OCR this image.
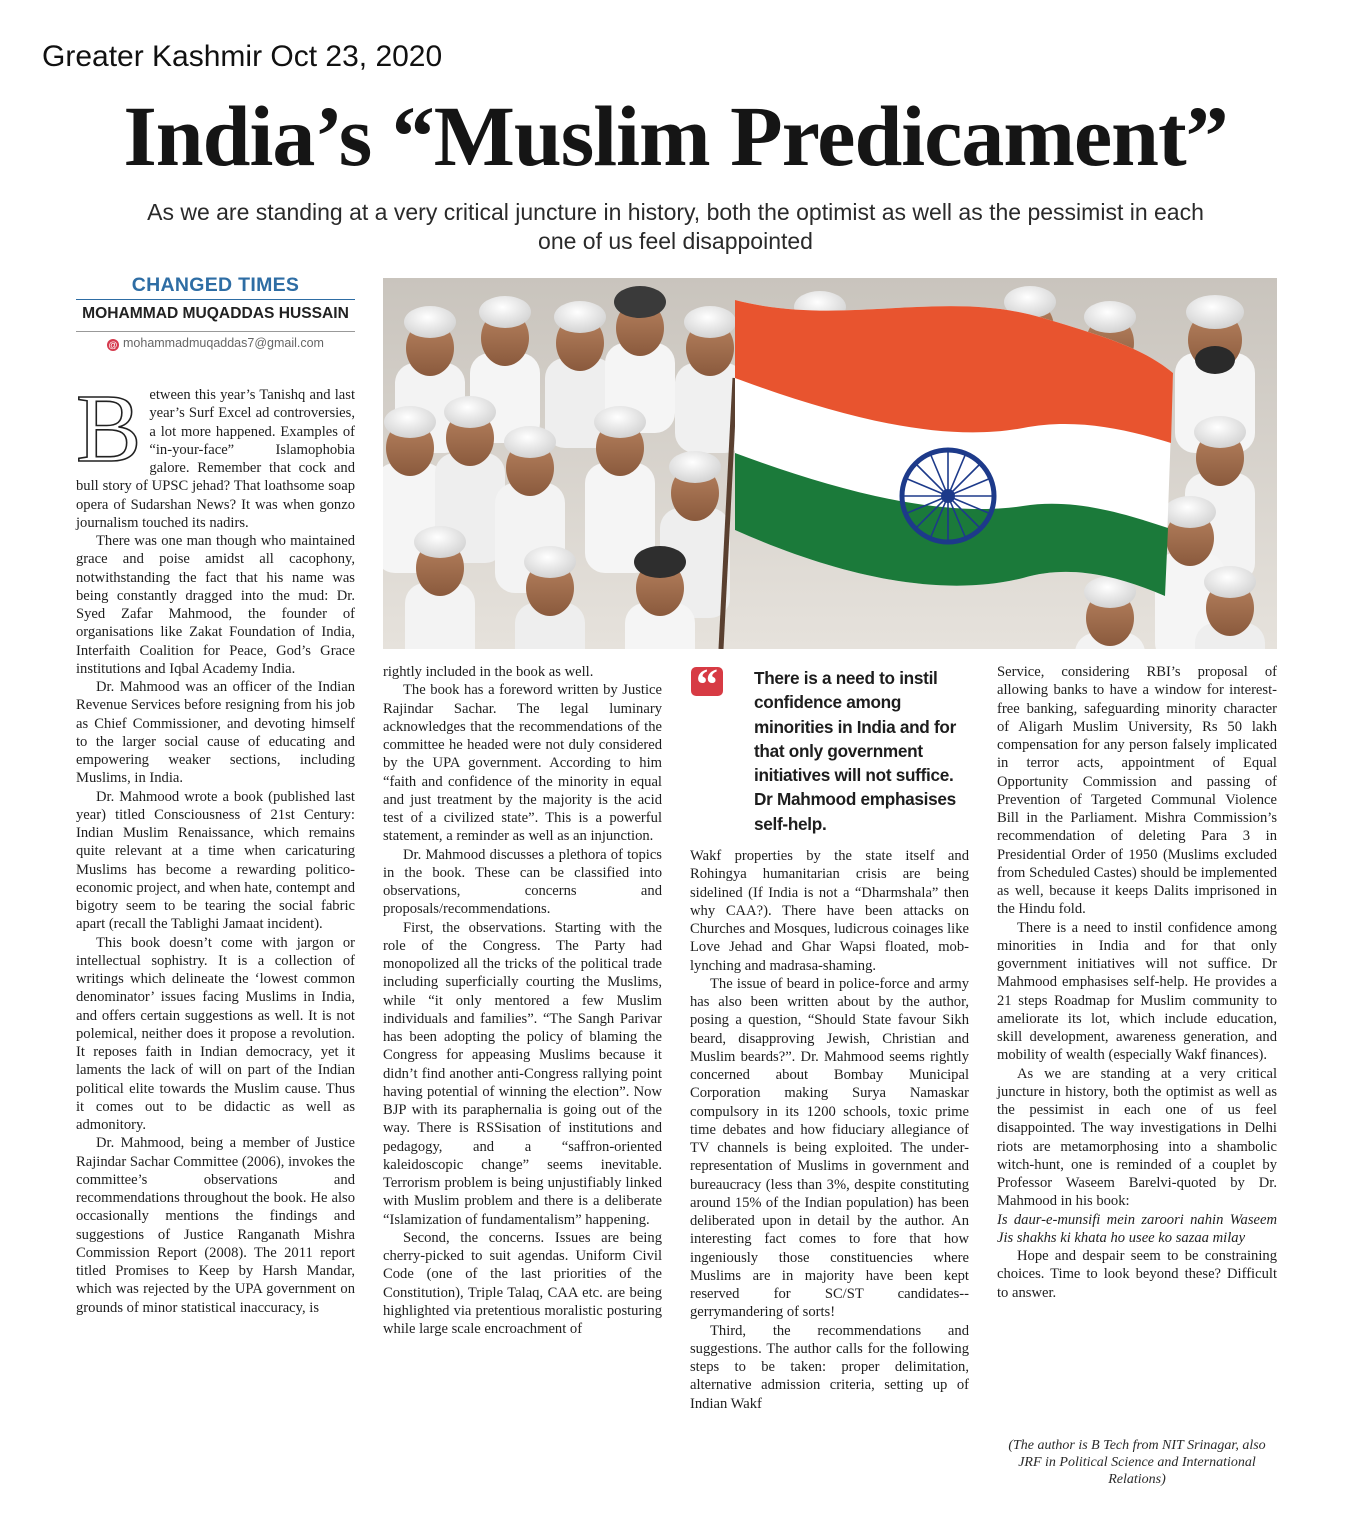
Greater Kashmir Oct 23, 2020
India’s “Muslim Predicament”
As we are standing at a very critical juncture in history, both the optimist as well as the pessimist in each one of us feel disappointed
CHANGED TIMES
MOHAMMAD MUQADDAS HUSSAIN
@ mohammadmuqaddas7@gmail.com

Between this year’s Tanishq and last year’s Surf Excel ad controversies, a lot more happened. Examples of “in-your-face” Islamophobia galore. Remember that cock and bull story of UPSC jehad? That loathsome soap opera of Sudarshan News? It was when gonzo journalism touched its nadirs.

There was one man though who maintained grace and poise amidst all cacophony, notwithstanding the fact that his name was being constantly dragged into the mud: Dr. Syed Zafar Mahmood, the founder of organisations like Zakat Foundation of India, Interfaith Coalition for Peace, God’s Grace institutions and Iqbal Academy India.

Dr. Mahmood was an officer of the Indian Revenue Services before resigning from his job as Chief Commissioner, and devoting himself to the larger social cause of educating and empowering weaker sections, including Muslims, in India.

Dr. Mahmood wrote a book (published last year) titled Consciousness of 21st Century: Indian Muslim Renaissance, which remains quite relevant at a time when caricaturing Muslims has become a rewarding politico-economic project, and when hate, contempt and bigotry seem to be tearing the social fabric apart (recall the Tablighi Jamaat incident).

This book doesn’t come with jargon or intellectual sophistry. It is a collection of writings which delineate the ‘lowest common denominator’ issues facing Muslims in India, and offers certain suggestions as well. It is not polemical, neither does it propose a revolution. It reposes faith in Indian democracy, yet it laments the lack of will on part of the Indian political elite towards the Muslim cause. Thus it comes out to be didactic as well as admonitory.

Dr. Mahmood, being a member of Justice Rajindar Sachar Committee (2006), invokes the committee’s observations and recommendations throughout the book. He also occasionally mentions the findings and suggestions of Justice Ranganath Mishra Commission Report (2008). The 2011 report titled Promises to Keep by Harsh Mandar, which was rejected by the UPA government on grounds of minor statistical inaccuracy, is

rightly included in the book as well.

The book has a foreword written by Justice Rajindar Sachar. The legal luminary acknowledges that the recommendations of the committee he headed were not duly considered by the UPA government. According to him “faith and confidence of the minority in equal and just treatment by the majority is the acid test of a civilized state”. This is a powerful statement, a reminder as well as an injunction.

Dr. Mahmood discusses a plethora of topics in the book. These can be classified into observations, concerns and proposals/recommendations.

First, the observations. Starting with the role of the Congress. The Party had monopolized all the tricks of the political trade including superficially courting the Muslims, while “it only mentored a few Muslim individuals and families”. “The Sangh Parivar has been adopting the policy of blaming the Congress for appeasing Muslims because it didn’t find another anti-Congress rallying point having potential of winning the election”. Now BJP with its paraphernalia is going out of the way. There is RSSisation of institutions and pedagogy, and a “saffron-oriented kaleidoscopic change” seems inevitable. Terrorism problem is being unjustifiably linked with Muslim problem and there is a deliberate “Islamization of fundamentalism” happening.

Second, the concerns. Issues are being cherry-picked to suit agendas. Uniform Civil Code (one of the last priorities of the Constitution), Triple Talaq, CAA etc. are being highlighted via pretentious moralistic posturing while large scale encroachment of

“ There is a need to instil confidence among minorities in India and for that only government initiatives will not suffice. Dr Mahmood emphasises self-help.

Wakf properties by the state itself and Rohingya humanitarian crisis are being sidelined (If India is not a “Dharmshala” then why CAA?). There have been attacks on Churches and Mosques, ludicrous coinages like Love Jehad and Ghar Wapsi floated, mob-lynching and madrasa-shaming.

The issue of beard in police-force and army has also been written about by the author, posing a question, “Should State favour Sikh beard, disapproving Jewish, Christian and Muslim beards?”. Dr. Mahmood seems rightly concerned about Bombay Municipal Corporation making Surya Namaskar compulsory in its 1200 schools, toxic prime time debates and how fiduciary allegiance of TV channels is being exploited. The under-representation of Muslims in government and bureaucracy (less than 3%, despite constituting around 15% of the Indian population) has been deliberated upon in detail by the author. An interesting fact comes to fore that how ingeniously those constituencies where Muslims are in majority have been kept reserved for SC/ST candidates--gerrymandering of sorts!

Third, the recommendations and suggestions. The author calls for the following steps to be taken: proper delimitation, alternative admission criteria, setting up of Indian Wakf

Service, considering RBI’s proposal of allowing banks to have a window for interest-free banking, safeguarding minority character of Aligarh Muslim University, Rs 50 lakh compensation for any person falsely implicated in terror acts, appointment of Equal Opportunity Commission and passing of Prevention of Targeted Communal Violence Bill in the Parliament. Mishra Commission’s recommendation of deleting Para 3 in Presidential Order of 1950 (Muslims excluded from Scheduled Castes) should be implemented as well, because it keeps Dalits imprisoned in the Hindu fold.

There is a need to instil confidence among minorities in India and for that only government initiatives will not suffice. Dr Mahmood emphasises self-help. He provides a 21 steps Roadmap for Muslim community to ameliorate its lot, which include education, skill development, awareness generation, and mobility of wealth (especially Wakf finances).

As we are standing at a very critical juncture in history, both the optimist as well as the pessimist in each one of us feel disappointed. The way investigations in Delhi riots are metamorphosing into a shambolic witch-hunt, one is reminded of a couplet by Professor Waseem Barelvi-quoted by Dr. Mahmood in his book:

Is daur-e-munsifi mein zaroori nahin Waseem Jis shakhs ki khata ho usee ko sazaa milay

Hope and despair seem to be constraining choices. Time to look beyond these? Difficult to answer.

(The author is B Tech from NIT Srinagar, also JRF in Political Science and International Relations)
